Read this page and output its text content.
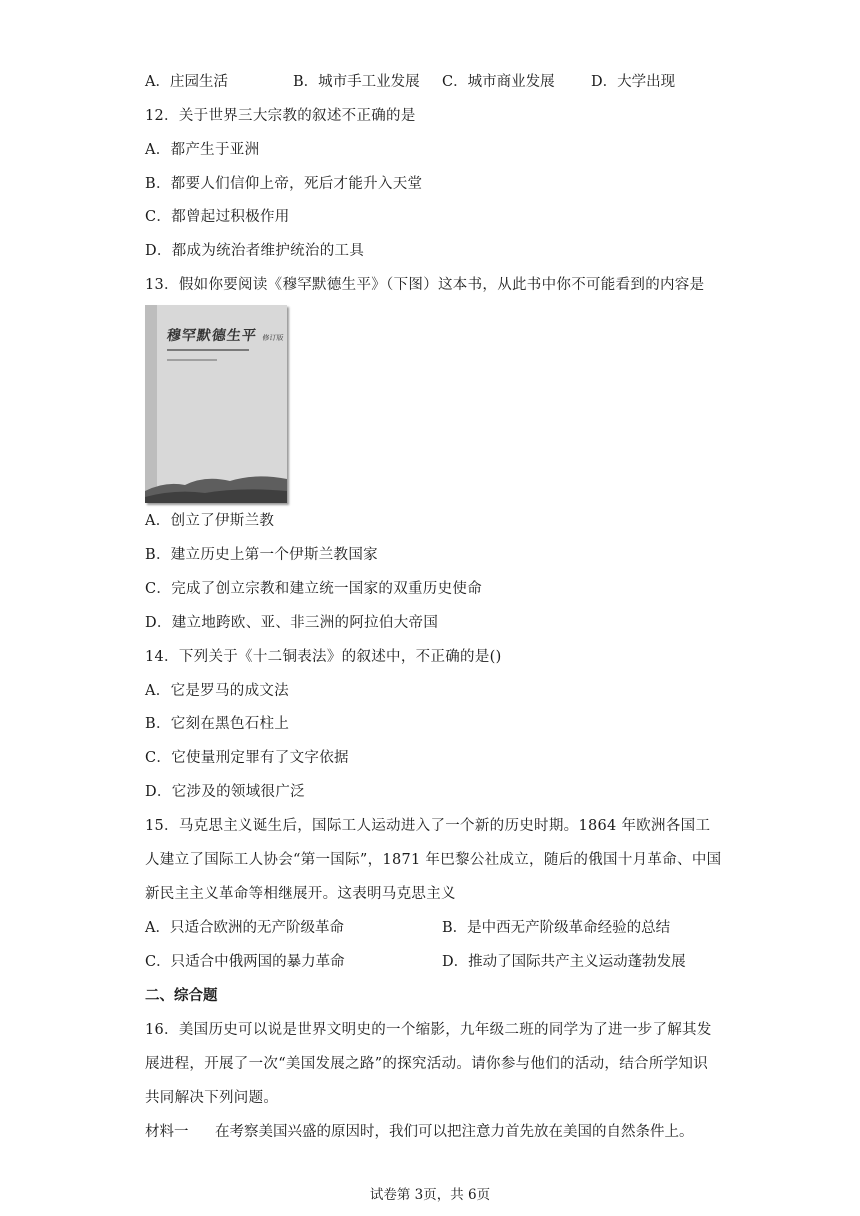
A．庄园生活	B．城市手工业发展 C．城市商业发展	D．大学出现
12．关于世界三大宗教的叙述不正确的是
A．都产生于亚洲
B．都要人们信仰上帝，死后才能升入天堂
C．都曾起过积极作用
D．都成为统治者维护统治的工具
13．假如你要阅读《穆罕默德生平》（下图）这本书，从此书中你不可能看到的内容是
穆罕默德生平 修订版
A．创立了伊斯兰教
B．建立历史上第一个伊斯兰教国家
C．完成了创立宗教和建立统一国家的双重历史使命
D．建立地跨欧、亚、非三洲的阿拉伯大帝国
14．下列关于《十二铜表法》的叙述中，不正确的是()
A．它是罗马的成文法
B．它刻在黑色石柱上
C．它使量刑定罪有了文字依据
D．它涉及的领域很广泛
15．马克思主义诞生后，国际工人运动进入了一个新的历史时期。1864 年欧洲各国工
人建立了国际工人协会“第一国际”，1871 年巴黎公社成立，随后的俄国十月革命、中国
新民主主义革命等相继展开。这表明马克思主义
A．只适合欧洲的无产阶级革命	B．是中西无产阶级革命经验的总结
C．只适合中俄两国的暴力革命	D．推动了国际共产主义运动蓬勃发展
二、综合题
16．美国历史可以说是世界文明史的一个缩影，九年级二班的同学为了进一步了解其发
展进程，开展了一次“美国发展之路”的探究活动。请你参与他们的活动，结合所学知识
共同解决下列问题。
材料一 在考察美国兴盛的原因时，我们可以把注意力首先放在美国的自然条件上。
试卷第 3页，共 6页
